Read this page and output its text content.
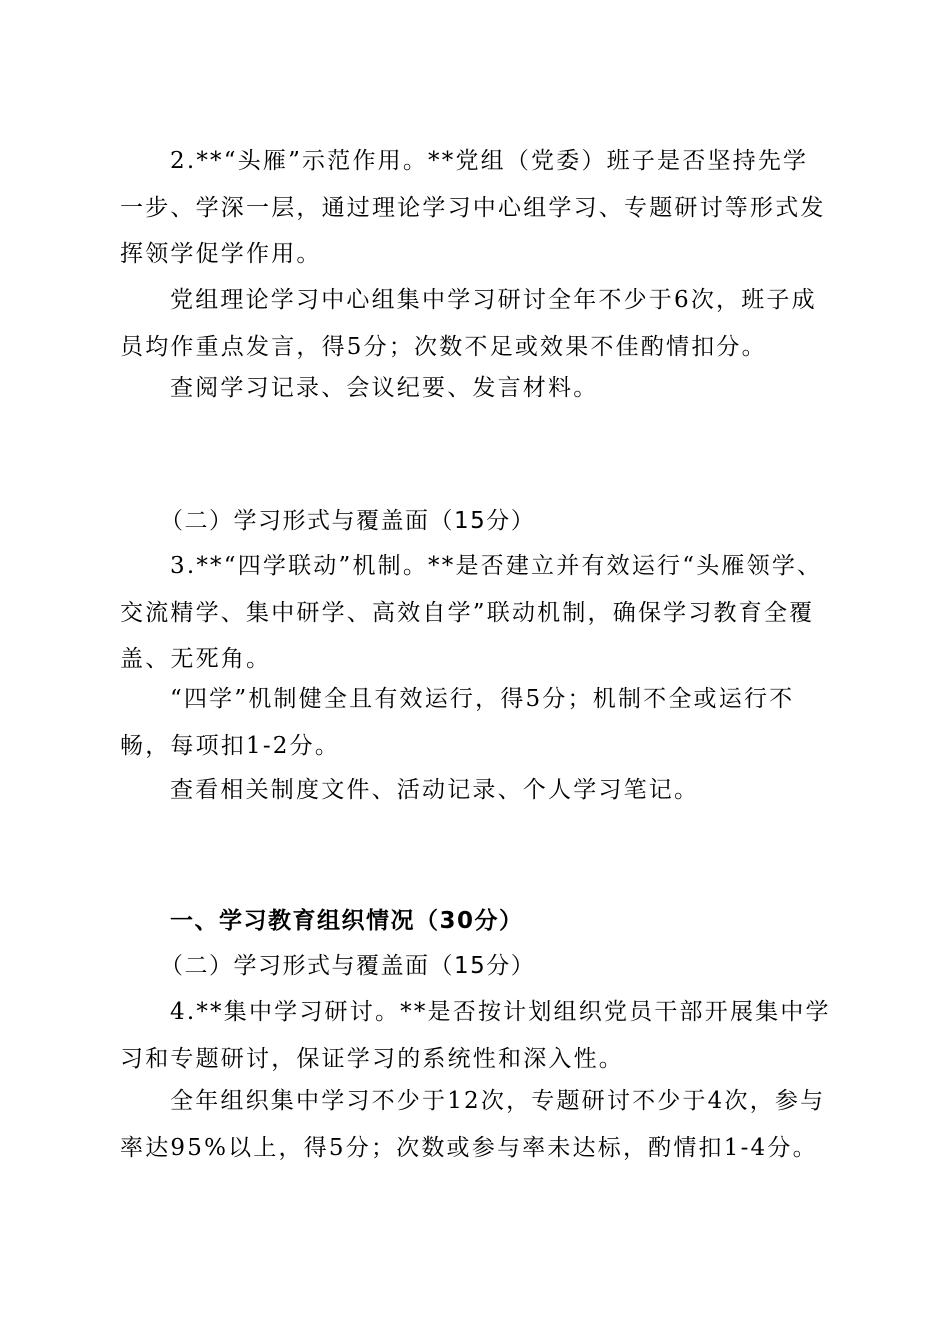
2.**“头雁”示范作用。**党组（党委）班子是否坚持先学一步、学深一层，通过理论学习中心组学习、专题研讨等形式发挥领学促学作用。

党组理论学习中心组集中学习研讨全年不少于6次，班子成员均作重点发言，得5分；次数不足或效果不佳酌情扣分。

查阅学习记录、会议纪要、发言材料。

（二）学习形式与覆盖面（15分）

3.**“四学联动”机制。**是否建立并有效运行“头雁领学、交流精学、集中研学、高效自学”联动机制，确保学习教育全覆盖、无死角。

“四学”机制健全且有效运行，得5分；机制不全或运行不畅，每项扣1-2分。

查看相关制度文件、活动记录、个人学习笔记。

一、学习教育组织情况（30分）
（二）学习形式与覆盖面（15分）

4.**集中学习研讨。**是否按计划组织党员干部开展集中学习和专题研讨，保证学习的系统性和深入性。

全年组织集中学习不少于12次，专题研讨不少于4次，参与率达95%以上，得5分；次数或参与率未达标，酌情扣1-4分。
